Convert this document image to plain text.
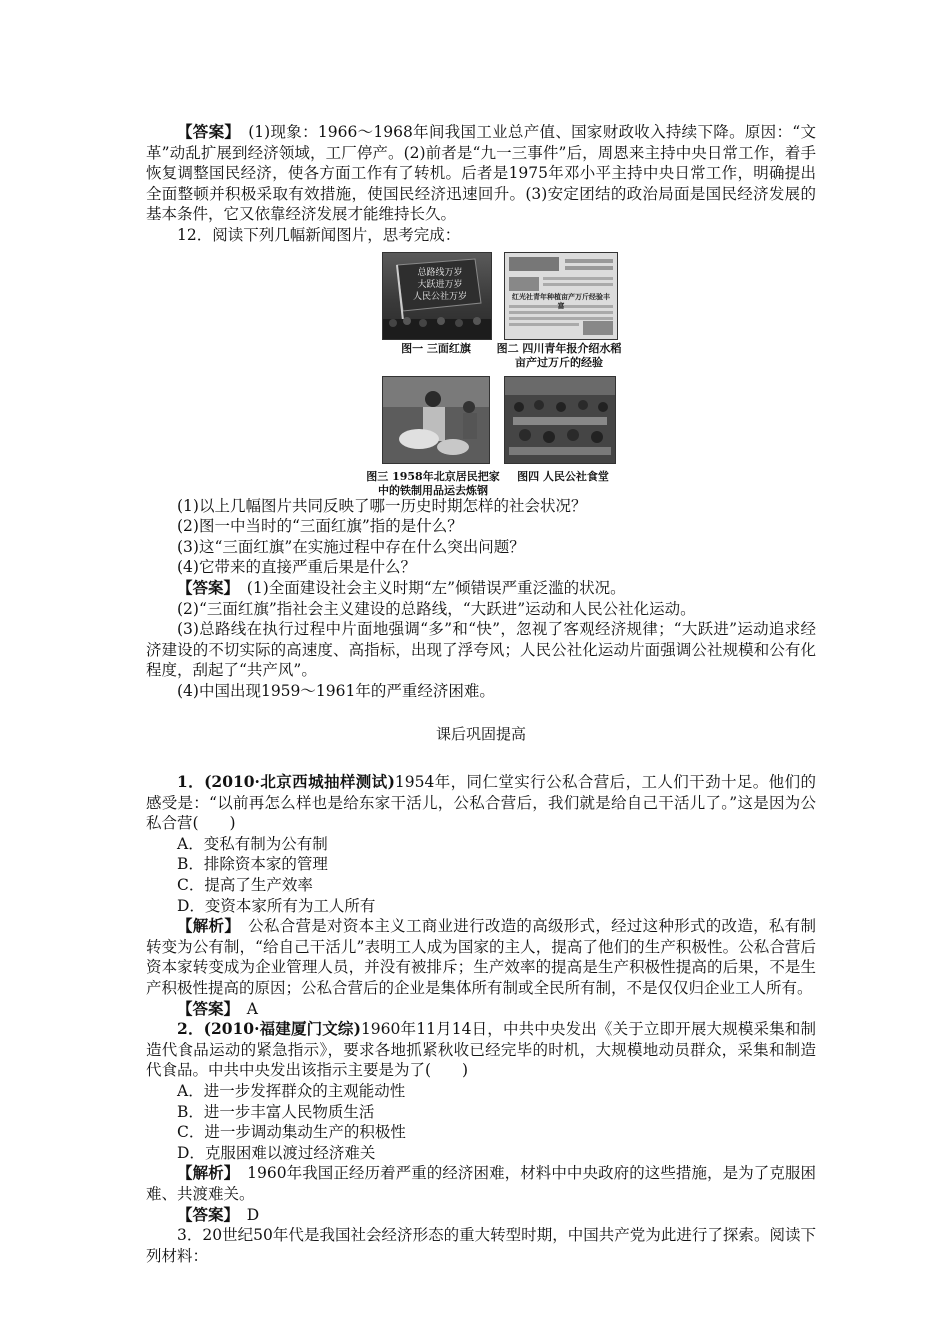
【答案】　 (1)现象：1966～1968年间我国工业总产值、国家财政收入持续下降。原因：“文革”动乱扩展到经济领域，工厂停产。(2)前者是“九一三事件”后，周恩来主持中央日常工作，着手恢复调整国民经济，使各方面工作有了转机。后者是1975年邓小平主持中央日常工作，明确提出全面整顿并积极采取有效措施，使国民经济迅速回升。(3)安定团结的政治局面是国民经济发展的基本条件，它又依靠经济发展才能维持长久。

12．阅读下列几幅新闻图片，思考完成：

总路线万岁
大跃进万岁
人民公社万岁
图一 三面红旗
红光社青年种植亩产万斤经验丰富
图二 四川青年报介绍水稻亩产过万斤的经验
图三 1958年北京居民把家中的铁制用品运去炼钢
图四 人民公社食堂

(1)以上几幅图片共同反映了哪一历史时期怎样的社会状况？

(2)图一中当时的“三面红旗”指的是什么？

(3)这“三面红旗”在实施过程中存在什么突出问题？

(4)它带来的直接严重后果是什么？

【答案】　 (1)全面建设社会主义时期“左”倾错误严重泛滥的状况。

(2)“三面红旗”指社会主义建设的总路线，“大跃进”运动和人民公社化运动。

(3)总路线在执行过程中片面地强调“多”和“快”，忽视了客观经济规律；“大跃进”运动追求经济建设的不切实际的高速度、高指标，出现了浮夸风；人民公社化运动片面强调公社规模和公有化程度，刮起了“共产风”。

(4)中国出现1959～1961年的严重经济困难。

课后巩固提高

1．(2010·北京西城抽样测试)1954年，同仁堂实行公私合营后，工人们干劲十足。他们的感受是：“以前再怎么样也是给东家干活儿，公私合营后，我们就是给自己干活儿了。”这是因为公私合营(　　)

A．变私有制为公有制

B．排除资本家的管理

C．提高了生产效率

D．变资本家所有为工人所有

【解析】　 公私合营是对资本主义工商业进行改造的高级形式，经过这种形式的改造，私有制转变为公有制，“给自己干活儿”表明工人成为国家的主人，提高了他们的生产积极性。公私合营后资本家转变成为企业管理人员，并没有被排斥；生产效率的提高是生产积极性提高的后果，不是生产积极性提高的原因；公私合营后的企业是集体所有制或全民所有制，不是仅仅归企业工人所有。

【答案】　 A

2．(2010·福建厦门文综)1960年11月14日，中共中央发出《关于立即开展大规模采集和制造代食品运动的紧急指示》，要求各地抓紧秋收已经完毕的时机，大规模地动员群众，采集和制造代食品。中共中央发出该指示主要是为了(　　)

A．进一步发挥群众的主观能动性

B．进一步丰富人民物质生活

C．进一步调动集动生产的积极性

D．克服困难以渡过经济难关

【解析】　 1960年我国正经历着严重的经济困难，材料中中央政府的这些措施，是为了克服困难、共渡难关。

【答案】　 D

3．20世纪50年代是我国社会经济形态的重大转型时期，中国共产党为此进行了探索。阅读下列材料：
